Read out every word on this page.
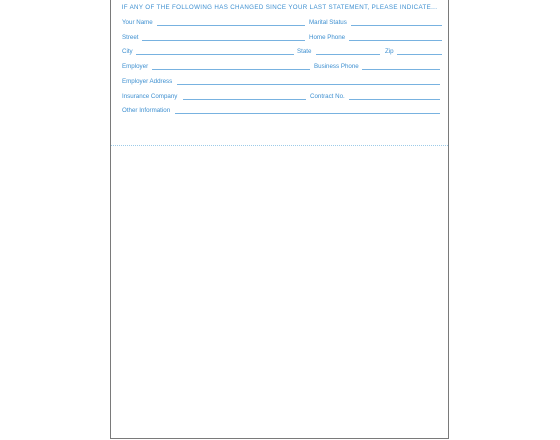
IF ANY OF THE FOLLOWING HAS CHANGED SINCE YOUR LAST STATEMENT, PLEASE INDICATE...
Your Name	Marital Status
Street	Home Phone
City	State	Zip
Employer	Business Phone
Employer Address
Insurance Company	Contract No.
Other Information
